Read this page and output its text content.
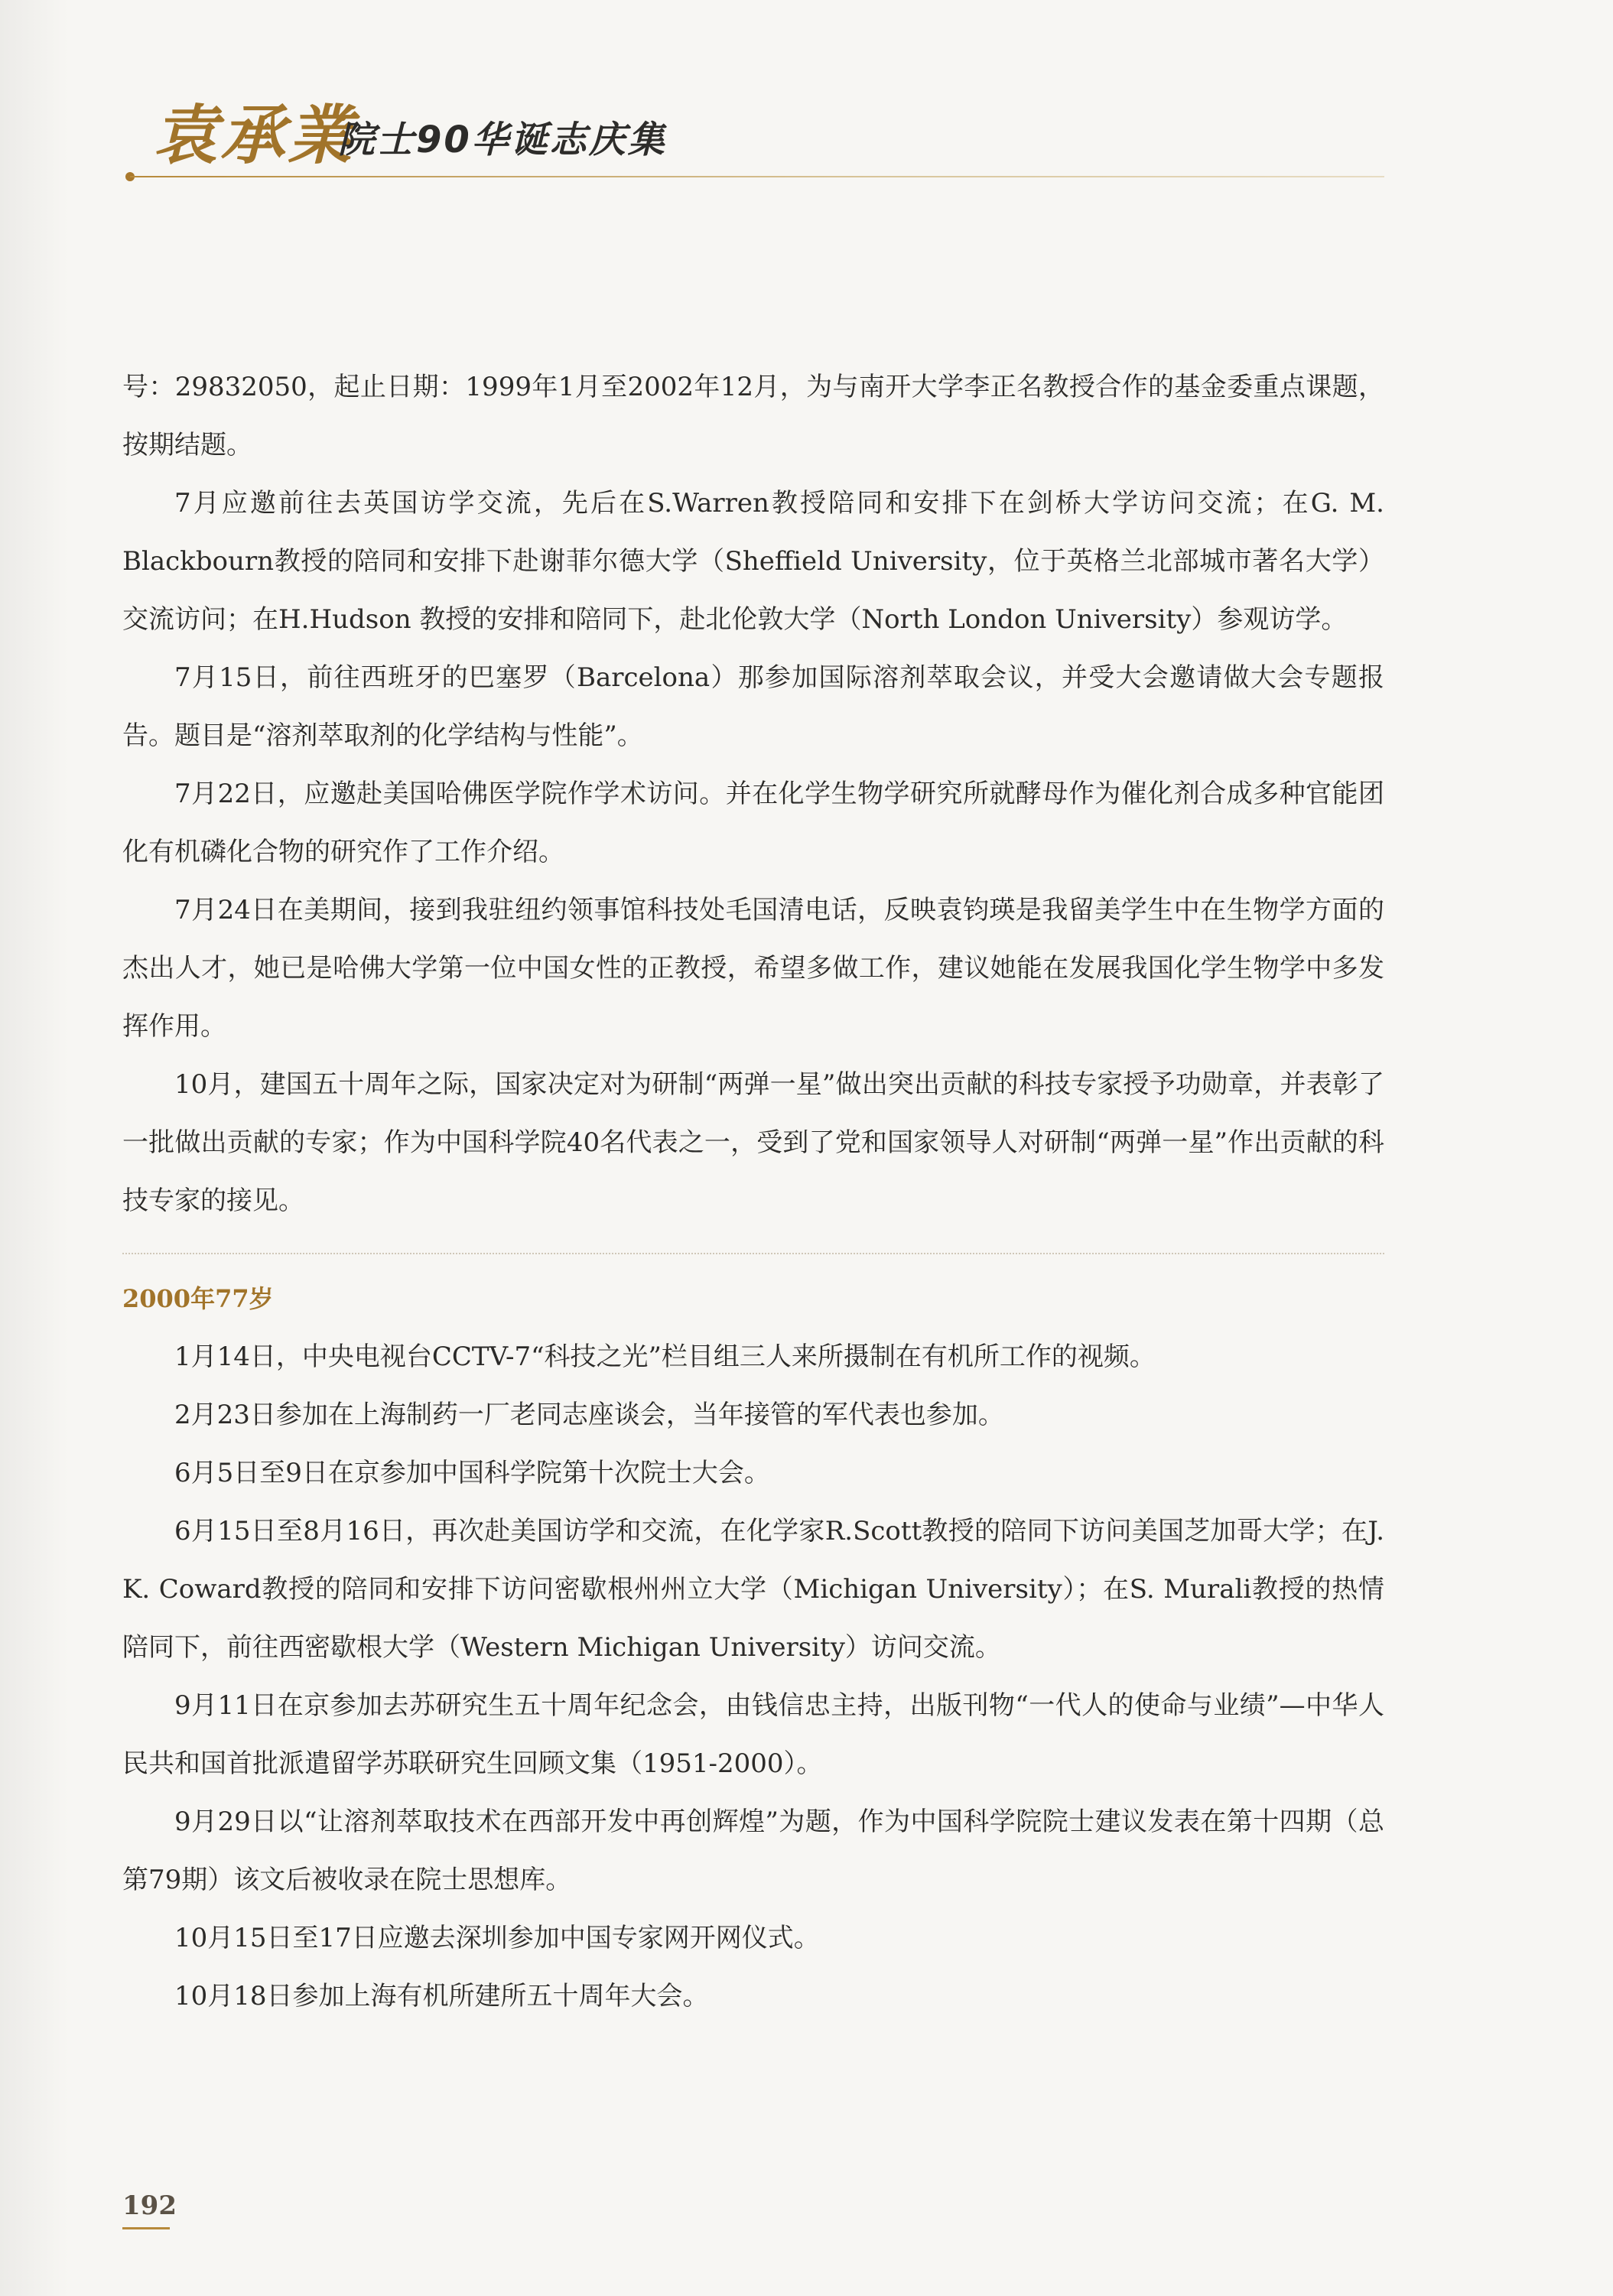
袁承業
院士90华诞志庆集

号：29832050，起止日期：1999年1月至2002年12月，为与南开大学李正名教授合作的基金委重点课题，按期结题。

7月应邀前往去英国访学交流，先后在S.Warren教授陪同和安排下在剑桥大学访问交流；在G. M. Blackbourn教授的陪同和安排下赴谢菲尔德大学（Sheffield University，位于英格兰北部城市著名大学）交流访问；在H.Hudson 教授的安排和陪同下，赴北伦敦大学（North London University）参观访学。

7月15日，前往西班牙的巴塞罗（Barcelona）那参加国际溶剂萃取会议，并受大会邀请做大会专题报告。题目是“溶剂萃取剂的化学结构与性能”。

7月22日，应邀赴美国哈佛医学院作学术访问。并在化学生物学研究所就酵母作为催化剂合成多种官能团化有机磷化合物的研究作了工作介绍。

7月24日在美期间，接到我驻纽约领事馆科技处毛国清电话，反映袁钧瑛是我留美学生中在生物学方面的杰出人才，她已是哈佛大学第一位中国女性的正教授，希望多做工作，建议她能在发展我国化学生物学中多发挥作用。

10月，建国五十周年之际，国家决定对为研制“两弹一星”做出突出贡献的科技专家授予功勋章，并表彰了一批做出贡献的专家；作为中国科学院40名代表之一，受到了党和国家领导人对研制“两弹一星”作出贡献的科技专家的接见。

2000年77岁

1月14日，中央电视台CCTV-7“科技之光”栏目组三人来所摄制在有机所工作的视频。

2月23日参加在上海制药一厂老同志座谈会，当年接管的军代表也参加。

6月5日至9日在京参加中国科学院第十次院士大会。

6月15日至8月16日，再次赴美国访学和交流，在化学家R.Scott教授的陪同下访问美国芝加哥大学；在J. K. Coward教授的陪同和安排下访问密歇根州州立大学（Michigan University）；在S. Murali教授的热情陪同下，前往西密歇根大学（Western Michigan University）访问交流。

9月11日在京参加去苏研究生五十周年纪念会，由钱信忠主持，出版刊物“一代人的使命与业绩”—中华人民共和国首批派遣留学苏联研究生回顾文集（1951-2000）。

9月29日以“让溶剂萃取技术在西部开发中再创辉煌”为题，作为中国科学院院士建议发表在第十四期（总第79期）该文后被收录在院士思想库。

10月15日至17日应邀去深圳参加中国专家网开网仪式。

10月18日参加上海有机所建所五十周年大会。

192
